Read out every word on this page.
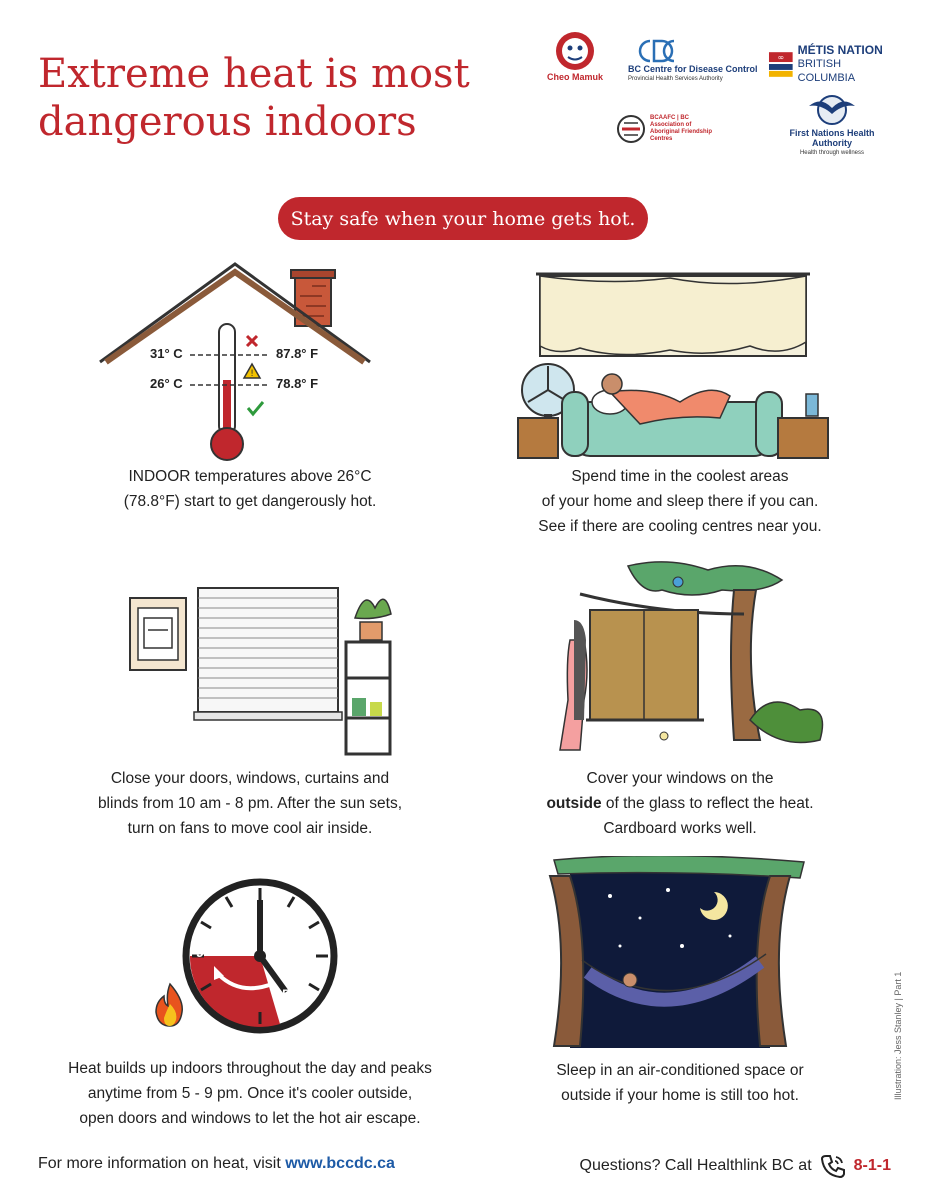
Extreme heat is most
dangerous indoors
Cheo Mamuk
BC Centre for Disease Control
Provincial Health Services Authority
∞
MÉTIS NATION
BRITISH COLUMBIA
BCAAFC | BC Association of Aboriginal Friendship Centres
First Nations Health Authority
Health through wellness
Stay safe when your home gets hot.
!
31° C	87.8° F
26° C	78.8° F
INDOOR temperatures above 26°C
(78.8°F) start to get dangerously hot.
Spend time in the coolest areas
of your home and sleep there if you can.
See if there are cooling centres near you.
Close your doors, windows, curtains and
blinds from 10 am - 8 pm. After the sun sets,
turn on fans to move cool air inside.
Cover your windows on the
outside of the glass to reflect the heat.
Cardboard works well.
9
5
Heat builds up indoors throughout the day and peaks
anytime from 5 - 9 pm. Once it's cooler outside,
open doors and windows to let the hot air escape.
Sleep in an air-conditioned space or
outside if your home is still too hot.	Illustration: Jess Stanley | Part 1
For more information on heat, visit www.bccdc.ca	Questions? Call Healthlink BC at	8-1-1
